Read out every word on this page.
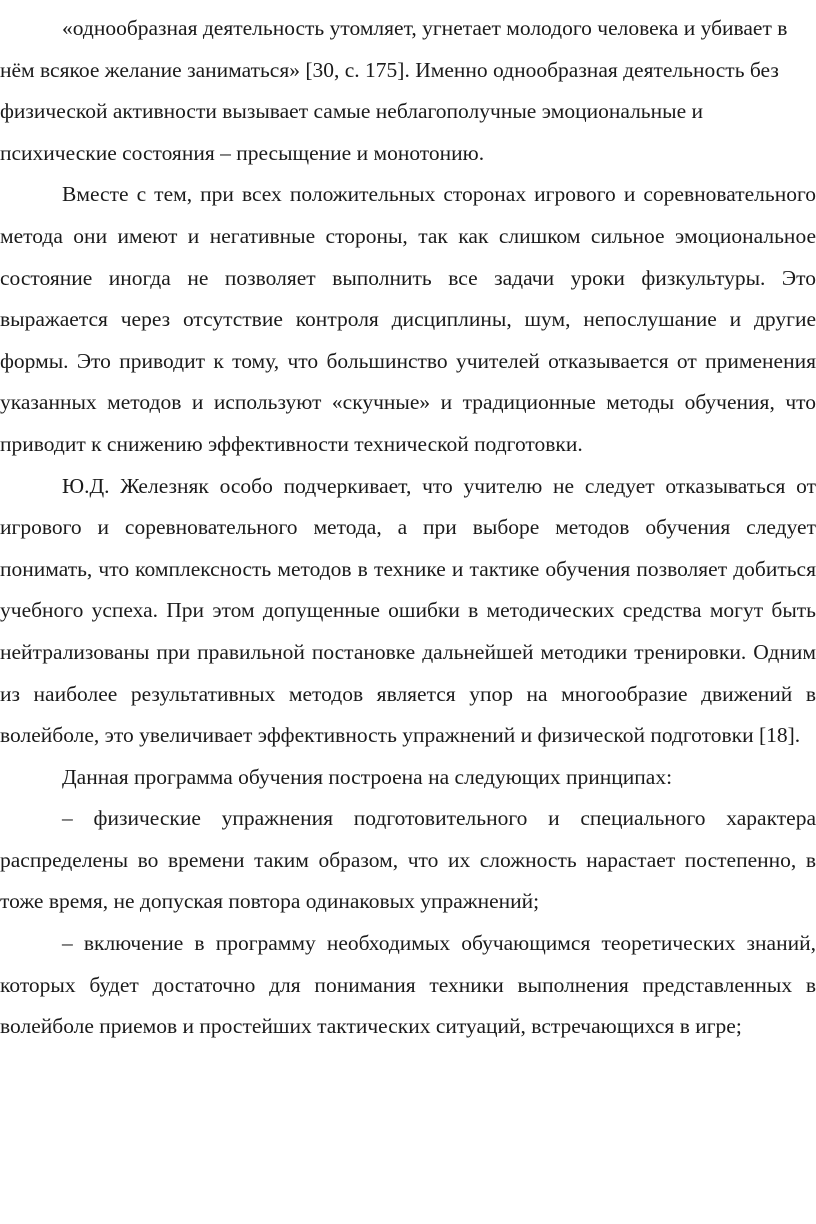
«однообразная деятельность утомляет, угнетает молодого человека и убивает в нём всякое желание заниматься» [30, с. 175]. Именно однообразная деятельность без физической активности вызывает самые неблагополучные эмоциональные и психические состояния – пресыщение и монотонию.

Вместе с тем, при всех положительных сторонах игрового и соревновательного метода они имеют и негативные стороны, так как слишком сильное эмоциональное состояние иногда не позволяет выполнить все задачи уроки физкультуры. Это выражается через отсутствие контроля дисциплины, шум, непослушание и другие формы. Это приводит к тому, что большинство учителей отказывается от применения указанных методов и используют «скучные» и традиционные методы обучения, что приводит к снижению эффективности технической подготовки.

Ю.Д. Железняк особо подчеркивает, что учителю не следует отказываться от игрового и соревновательного метода, а при выборе методов обучения следует понимать, что комплексность методов в технике и тактике обучения позволяет добиться учебного успеха. При этом допущенные ошибки в методических средства могут быть нейтрализованы при правильной постановке дальнейшей методики тренировки. Одним из наиболее результативных методов является упор на многообразие движений в волейболе, это увеличивает эффективность упражнений и физической подготовки [18].

Данная программа обучения построена на следующих принципах:

– физические упражнения подготовительного и специального характера распределены во времени таким образом, что их сложность нарастает постепенно, в тоже время, не допуская повтора одинаковых упражнений;

– включение в программу необходимых обучающимся теоретических знаний, которых будет достаточно для понимания техники выполнения представленных в волейболе приемов и простейших тактических ситуаций, встречающихся в игре;
